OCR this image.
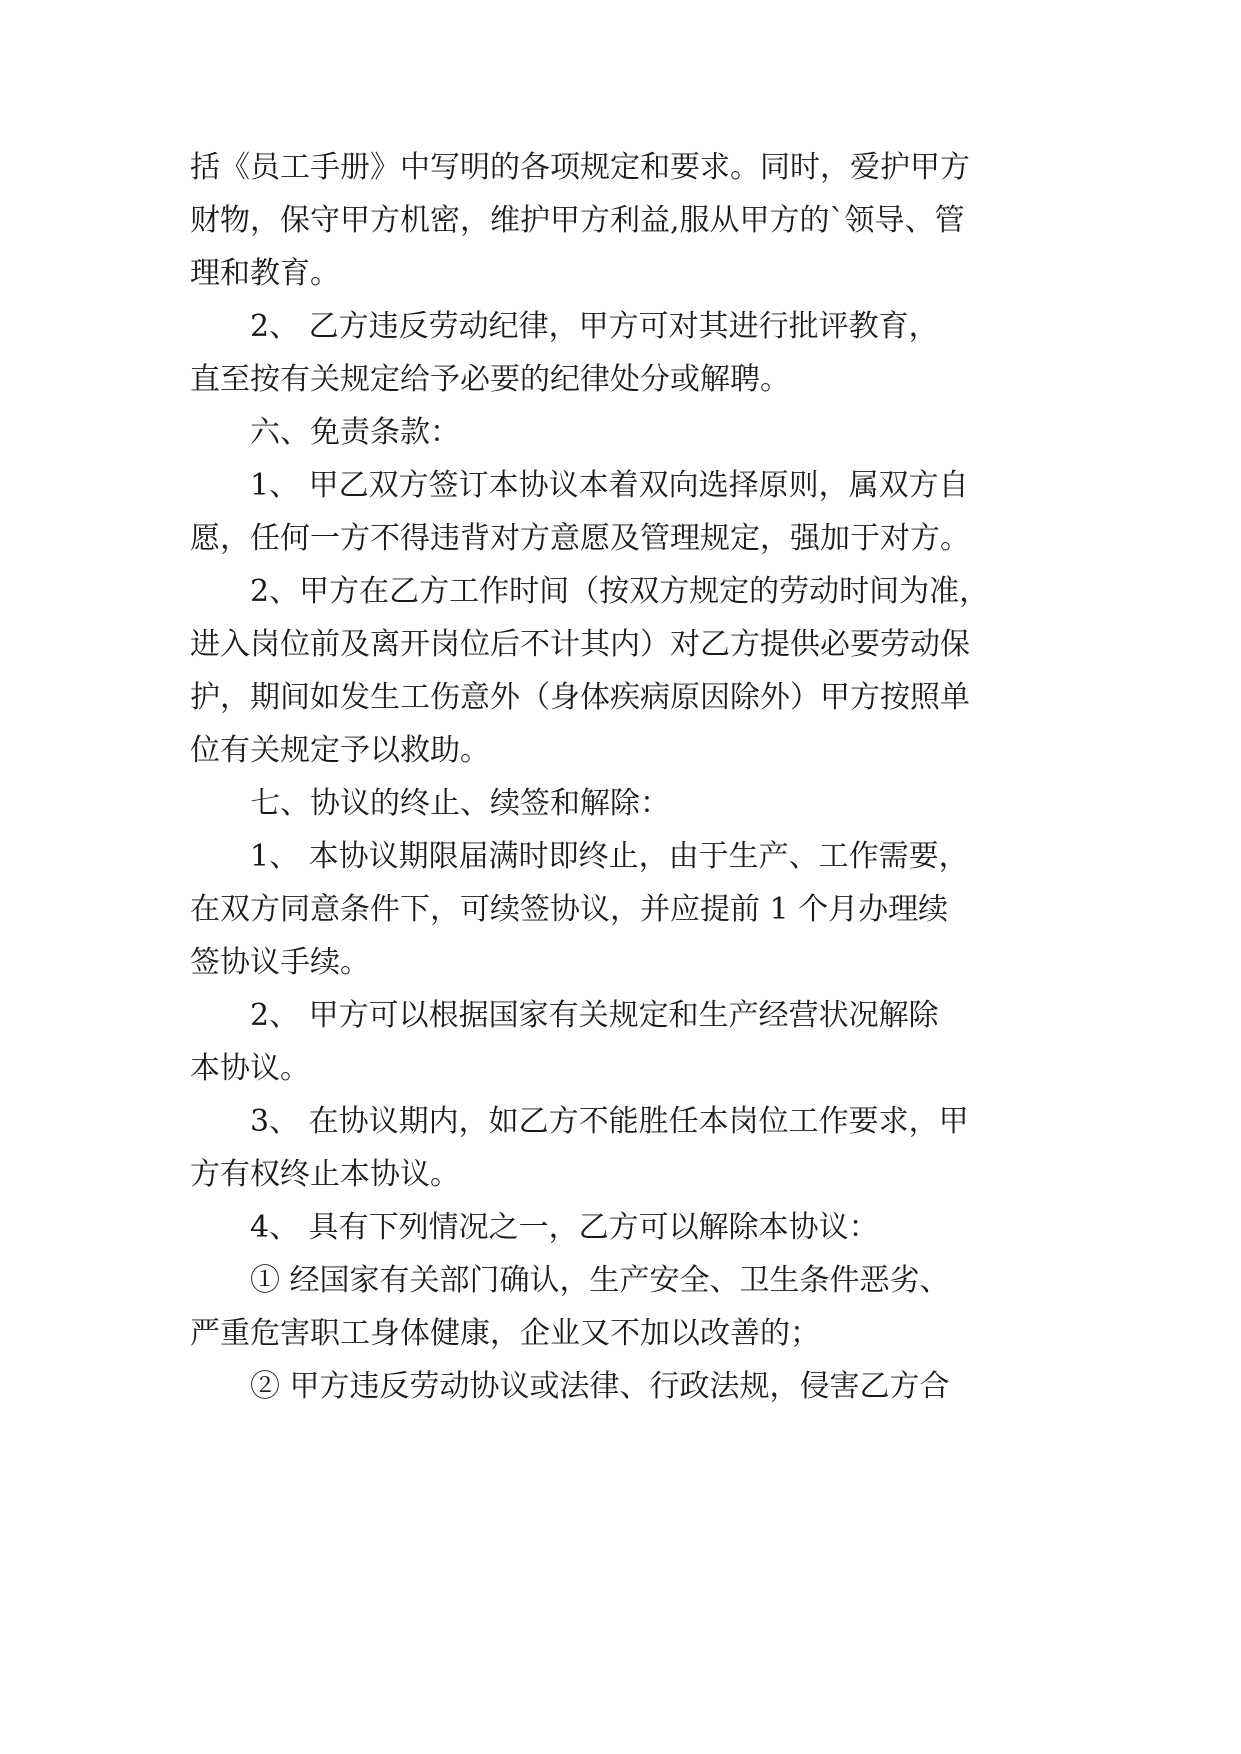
括《员工手册》中写明的各项规定和要求。同时，爱护甲方

财物，保守甲方机密，维护甲方利益,服从甲方的`领导、管

理和教育。

2、 乙方违反劳动纪律，甲方可对其进行批评教育，

直至按有关规定给予必要的纪律处分或解聘。

六、免责条款：

1、 甲乙双方签订本协议本着双向选择原则，属双方自

愿，任何一方不得违背对方意愿及管理规定，强加于对方。

2、甲方在乙方工作时间（按双方规定的劳动时间为准，

进入岗位前及离开岗位后不计其内）对乙方提供必要劳动保

护，期间如发生工伤意外（身体疾病原因除外）甲方按照单

位有关规定予以救助。

七、协议的终止、续签和解除：

1、 本协议期限届满时即终止，由于生产、工作需要，

在双方同意条件下，可续签协议，并应提前 1 个月办理续

签协议手续。

2、 甲方可以根据国家有关规定和生产经营状况解除

本协议。

3、 在协议期内，如乙方不能胜任本岗位工作要求，甲

方有权终止本协议。

4、 具有下列情况之一，乙方可以解除本协议：

① 经国家有关部门确认，生产安全、卫生条件恶劣、

严重危害职工身体健康，企业又不加以改善的；

② 甲方违反劳动协议或法律、行政法规，侵害乙方合
